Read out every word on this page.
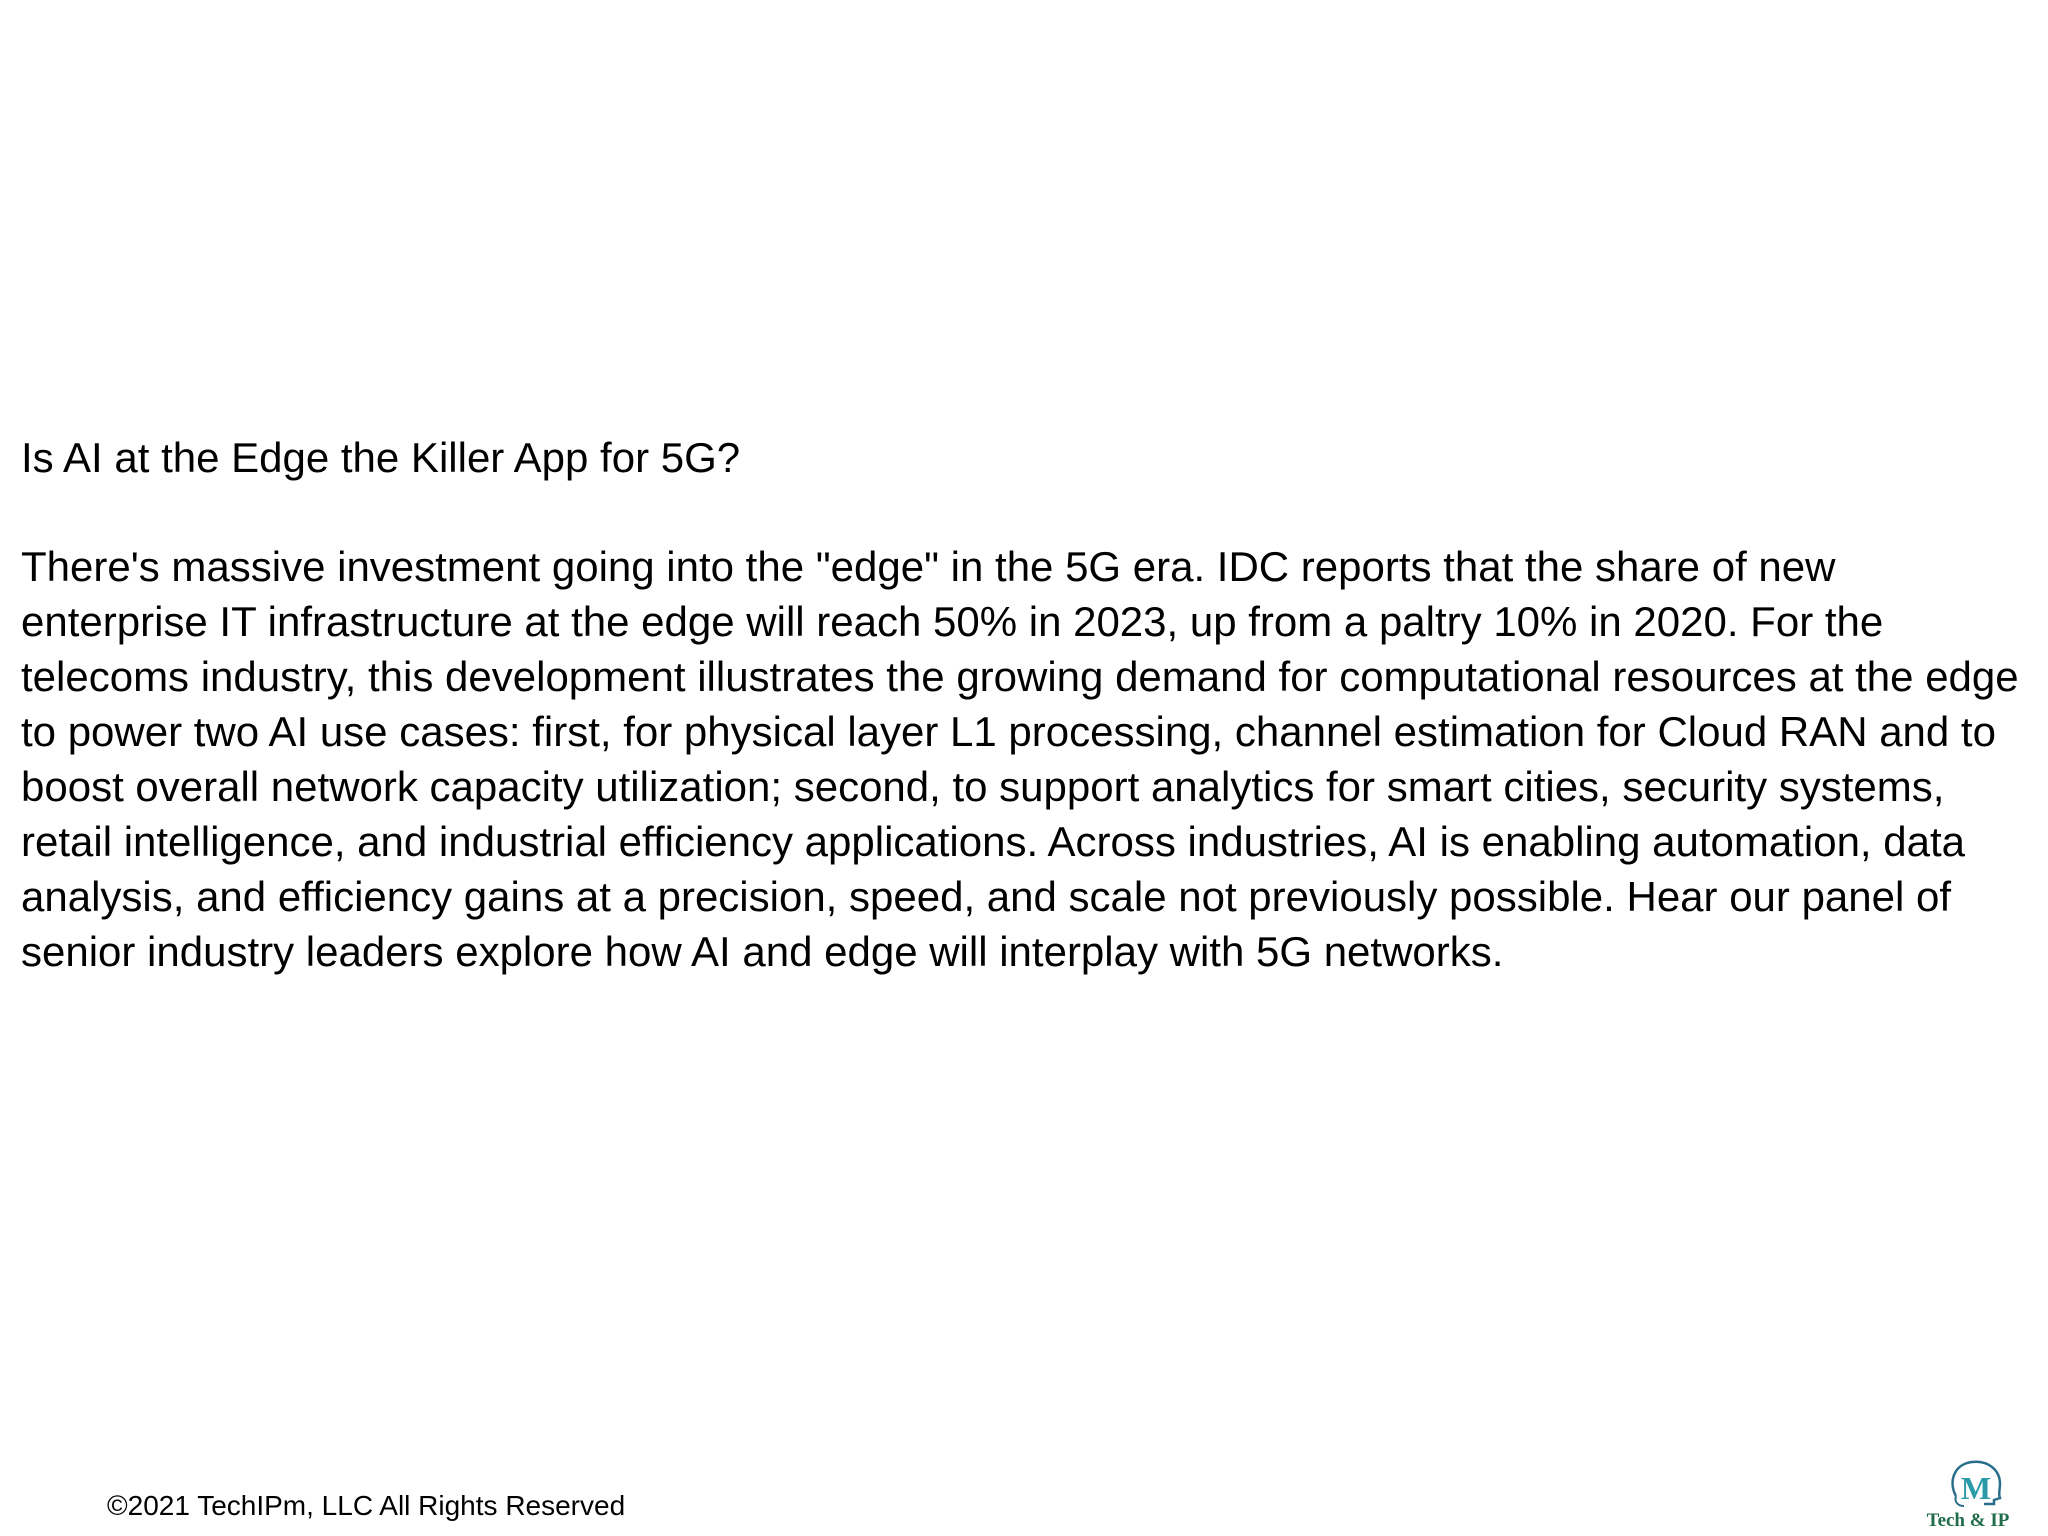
Is AI at the Edge the Killer App for 5G?

There's massive investment going into the "edge" in the 5G era. IDC reports that the share of new enterprise IT infrastructure at the edge will reach 50% in 2023, up from a paltry 10% in 2020. For the telecoms industry, this development illustrates the growing demand for computational resources at the edge to power two AI use cases: first, for physical layer L1 processing, channel estimation for Cloud RAN and to boost overall network capacity utilization; second, to support analytics for smart cities, security systems, retail intelligence, and industrial efficiency applications. Across industries, AI is enabling automation, data analysis, and efficiency gains at a precision, speed, and scale not previously possible. Hear our panel of senior industry leaders explore how AI and edge will interplay with 5G networks.

©2021 TechIPm, LLC All Rights Reserved	M
Tech & IP
